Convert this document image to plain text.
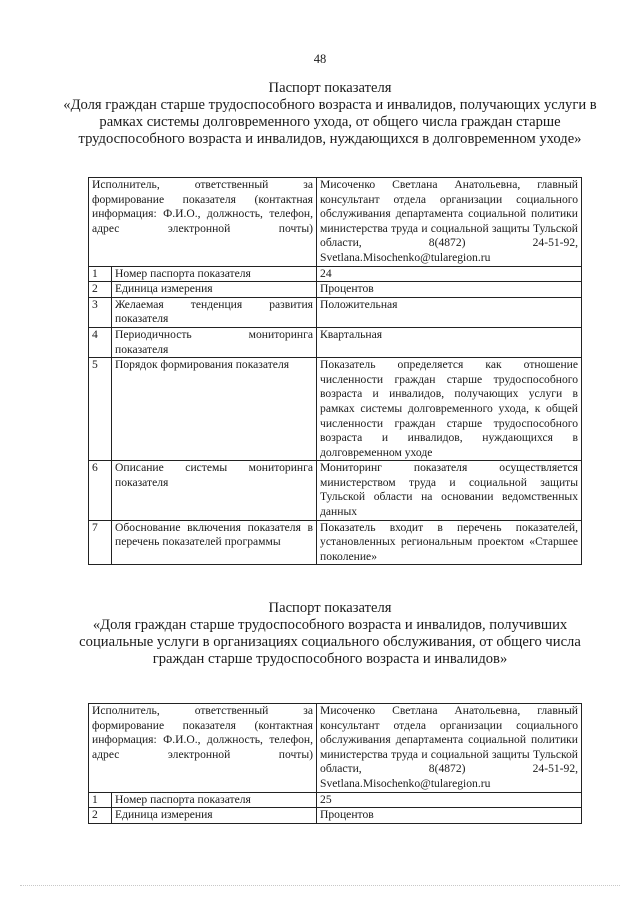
48
Паспорт показателя
«Доля граждан старше трудоспособного возраста и инвалидов, получающих услуги в рамках системы долговременного ухода, от общего числа граждан старше трудоспособного возраста и инвалидов, нуждающихся в долговременном уходе»
Исполнитель, ответственный за формирование показателя (контактная информация: Ф.И.О., должность, телефон, адрес электронной почты)		Мисоченко Светлана Анатольевна, главный консультант отдела организации социального обслуживания департамента социальной политики министерства труда и социальной защиты Тульской области, 8(4872) 24-51-92, Svetlana.Misochenko@tularegion.ru
1	Номер паспорта показателя	24
2	Единица измерения	Процентов
3	Желаемая тенденция развития показателя	Положительная
4	Периодичность мониторинга показателя	Квартальная
5	Порядок формирования показателя	Показатель определяется как отношение численности граждан старше трудоспособного возраста и инвалидов, получающих услуги в рамках системы долговременного ухода, к общей численности граждан старше трудоспособного возраста и инвалидов, нуждающихся в долговременном уходе
6	Описание системы мониторинга показателя	Мониторинг показателя осуществляется министерством труда и социальной защиты Тульской области на основании ведомственных данных
7	Обоснование включения показателя в перечень показателей программы	Показатель входит в перечень показателей, установленных региональным проектом «Старшее поколение»
Паспорт показателя
«Доля граждан старше трудоспособного возраста и инвалидов, получивших социальные услуги в организациях социального обслуживания, от общего числа граждан старше трудоспособного возраста и инвалидов»
Исполнитель, ответственный за формирование показателя (контактная информация: Ф.И.О., должность, телефон, адрес электронной почты)		Мисоченко Светлана Анатольевна, главный консультант отдела организации социального обслуживания департамента социальной политики министерства труда и социальной защиты Тульской области, 8(4872) 24-51-92, Svetlana.Misochenko@tularegion.ru
1	Номер паспорта показателя	25
2	Единица измерения	Процентов
